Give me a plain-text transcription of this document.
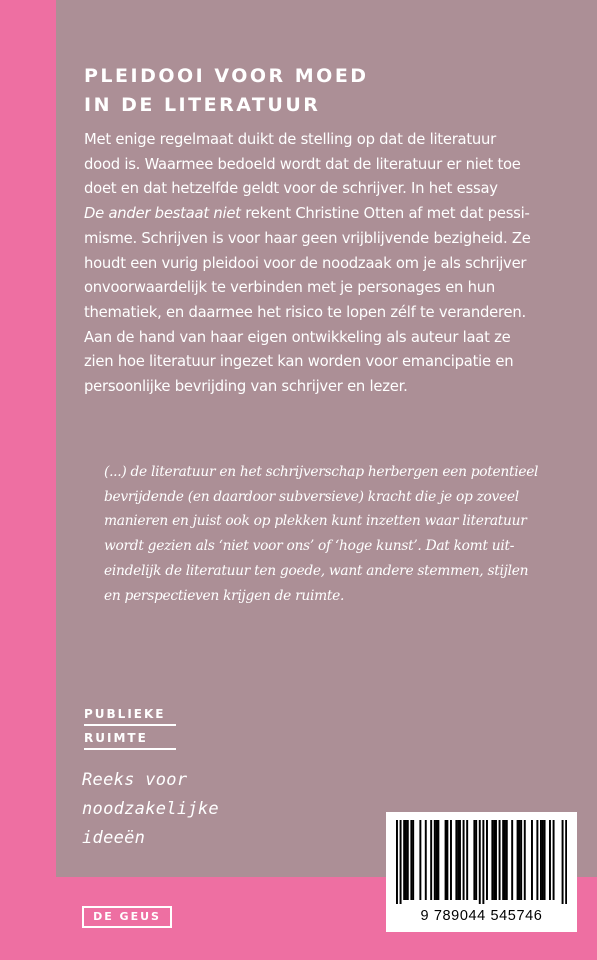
PLEIDOOI VOOR MOED
IN DE LITERATUUR
Met enige regelmaat duikt de stelling op dat de literatuur
dood is. Waarmee bedoeld wordt dat de literatuur er niet toe
doet en dat hetzelfde geldt voor de schrijver. In het essay
De ander bestaat niet rekent Christine Otten af met dat pessi-
misme. Schrijven is voor haar geen vrijblijvende bezigheid. Ze
houdt een vurig pleidooi voor de noodzaak om je als schrijver
onvoorwaardelijk te verbinden met je personages en hun
thematiek, en daarmee het risico te lopen zélf te veranderen.
Aan de hand van haar eigen ontwikkeling als auteur laat ze
zien hoe literatuur ingezet kan worden voor emancipatie en
persoonlijke bevrijding van schrijver en lezer.
(...) de literatuur en het schrijverschap herbergen een potentieel
bevrijdende (en daardoor subversieve) kracht die je op zoveel
manieren en juist ook op plekken kunt inzetten waar literatuur
wordt gezien als ‘niet voor ons’ of ‘hoge kunst’. Dat komt uit-
eindelijk de literatuur ten goede, want andere stemmen, stijlen
en perspectieven krijgen de ruimte.
PUBLIEKE
RUIMTE
Reeks voor
noodzakelijke
ideeën
DE GEUS	9 789044 545746
